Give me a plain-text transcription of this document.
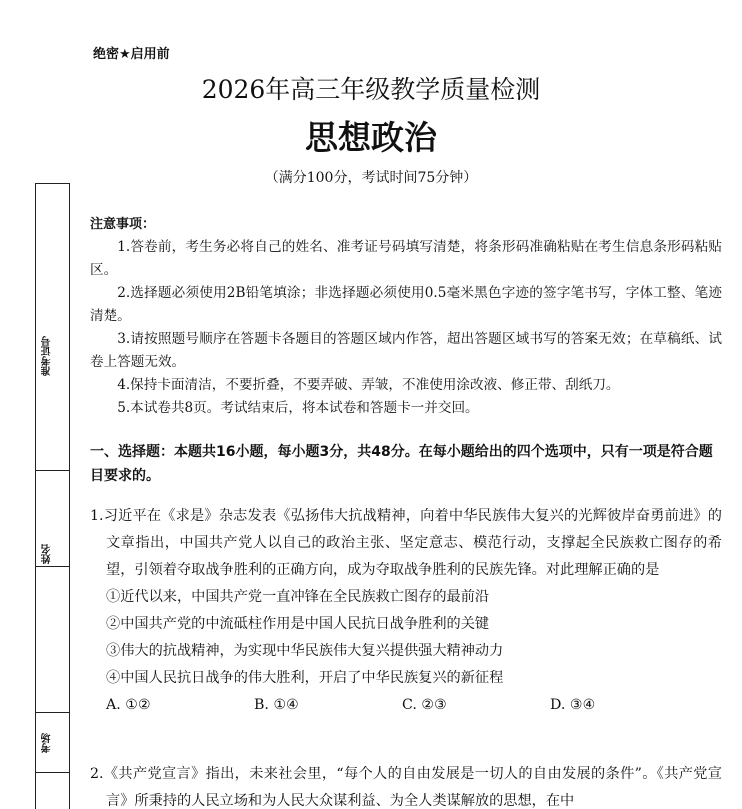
绝密★启用前
2026年高三年级教学质量检测
思想政治
（满分100分，考试时间75分钟）
准考证号
姓名
考场
注意事项：

1.答卷前，考生务必将自己的姓名、准考证号码填写清楚，将条形码准确粘贴在考生信息条形码粘贴区。

2.选择题必须使用2B铅笔填涂；非选择题必须使用0.5毫米黑色字迹的签字笔书写，字体工整、笔迹清楚。

3.请按照题号顺序在答题卡各题目的答题区域内作答，超出答题区域书写的答案无效；在草稿纸、试卷上答题无效。

4.保持卡面清洁，不要折叠，不要弄破、弄皱，不准使用涂改液、修正带、刮纸刀。

5.本试卷共8页。考试结束后，将本试卷和答题卡一并交回。

一、选择题：本题共16小题，每小题3分，共48分。在每小题给出的四个选项中，只有一项是符合题目要求的。
1.习近平在《求是》杂志发表《弘扬伟大抗战精神，向着中华民族伟大复兴的光辉彼岸奋勇前进》的文章指出，中国共产党人以自己的政治主张、坚定意志、模范行动，支撑起全民族救亡图存的希望，引领着夺取战争胜利的正确方向，成为夺取战争胜利的民族先锋。对此理解正确的是
①近代以来，中国共产党一直冲锋在全民族救亡图存的最前沿
②中国共产党的中流砥柱作用是中国人民抗日战争胜利的关键
③伟大的抗战精神，为实现中华民族伟大复兴提供强大精神动力
④中国人民抗日战争的伟大胜利，开启了中华民族复兴的新征程
A. ①②	B. ①④	C. ②③	D. ③④
2.《共产党宣言》指出，未来社会里，“每个人的自由发展是一切人的自由发展的条件”。《共产党宣言》所秉持的人民立场和为人民大众谋利益、为全人类谋解放的思想，在中
